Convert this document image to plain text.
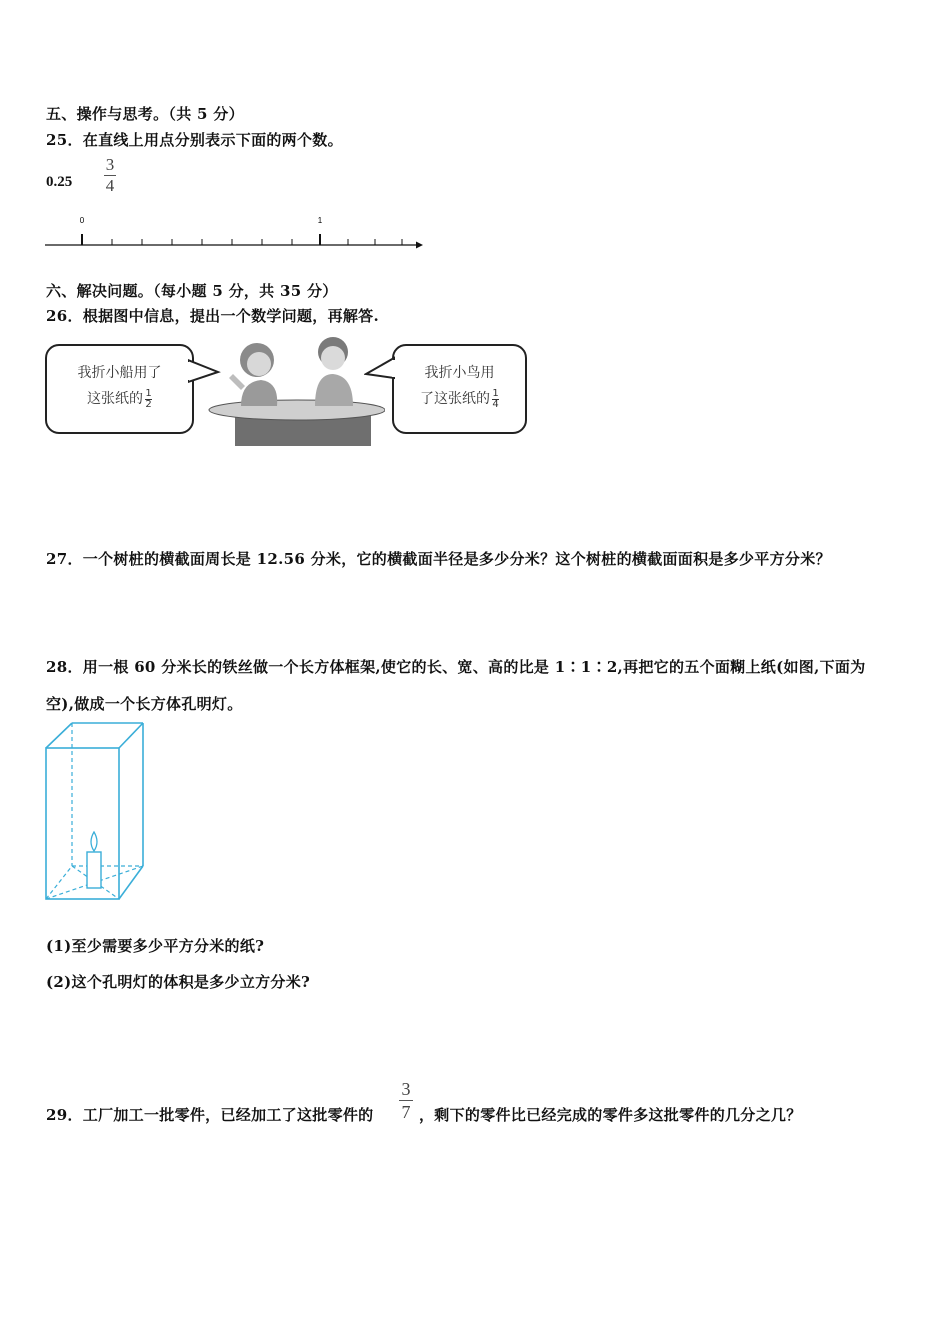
五、操作与思考。（共 5 分）
25．在直线上用点分别表示下面的两个数。
0.25
3
4
0	1
六、解决问题。（每小题 5 分，共 35 分）
26．根据图中信息，提出一个数学问题，再解答.
我折小船用了
这张纸的 $\frac{1}{2}$
我折小鸟用
了这张纸的 $\frac{1}{4}$
27．一个树桩的横截面周长是 12.56 分米，它的横截面半径是多少分米？这个树桩的横截面面积是多少平方分米？
28．用一根 60 分米长的铁丝做一个长方体框架,使它的长、宽、高的比是 1∶1∶2,再把它的五个面糊上纸(如图,下面为
空),做成一个长方体孔明灯。
(1)至少需要多少平方分米的纸?
(2)这个孔明灯的体积是多少立方分米?
29．工厂加工一批零件，已经加工了这批零件的
3
7 ，剩下的零件比已经完成的零件多这批零件的几分之几？
